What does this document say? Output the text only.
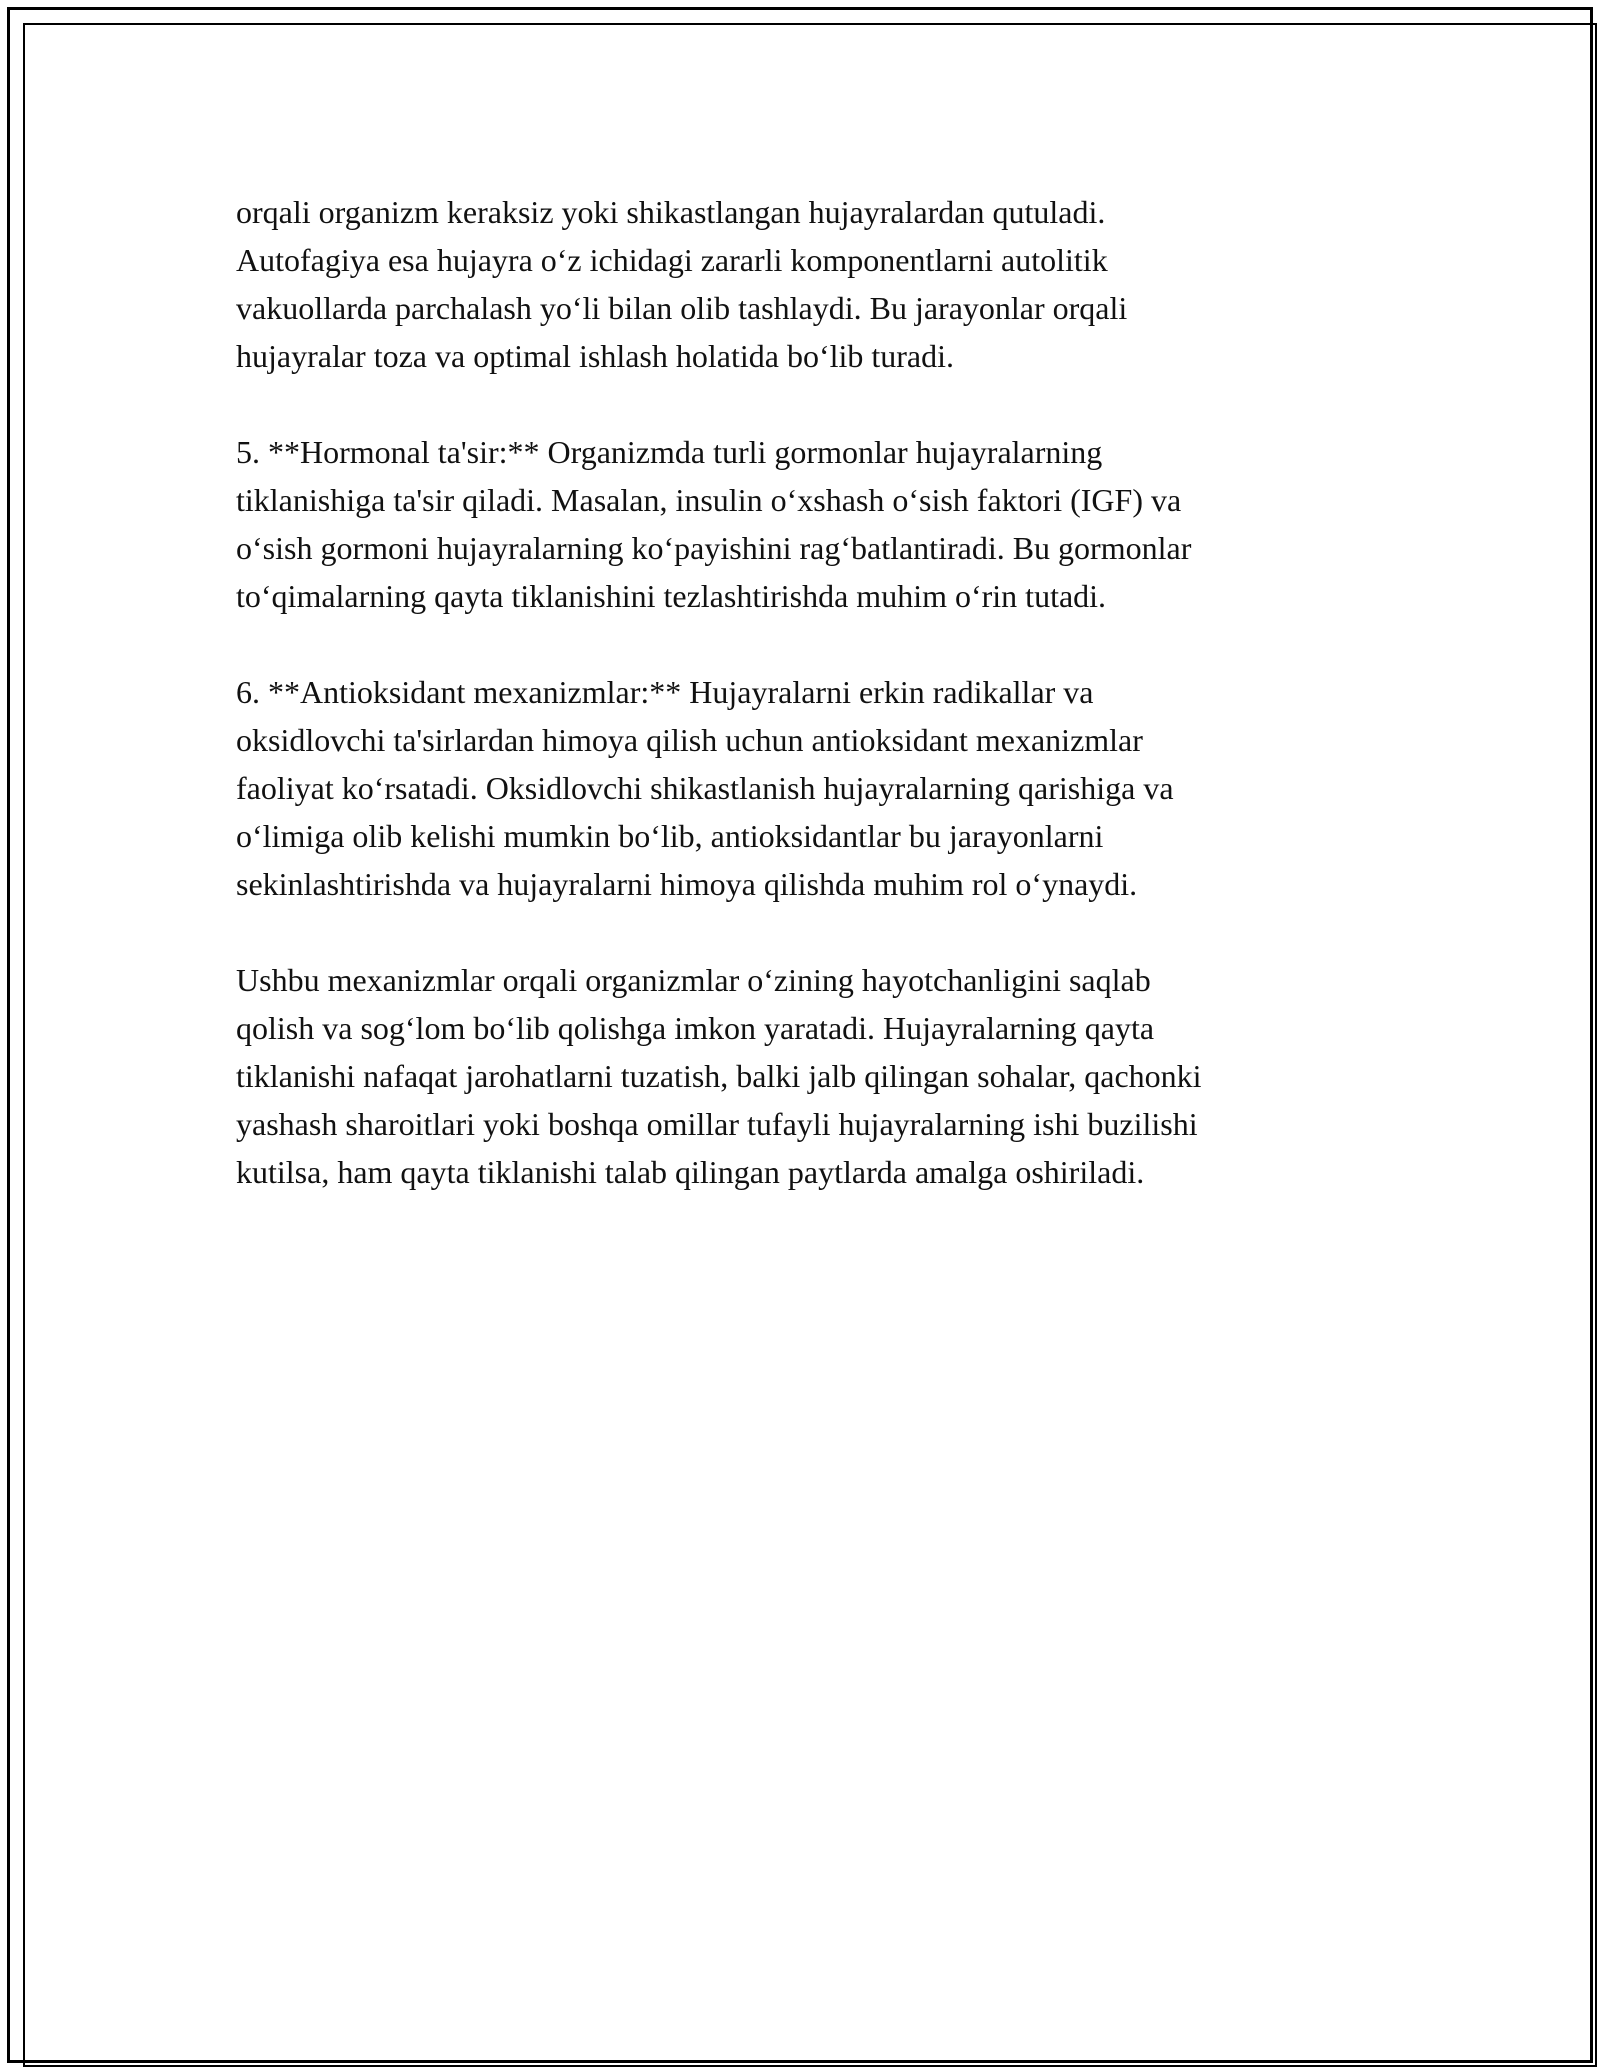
orqali organizm keraksiz yoki shikastlangan hujayralardan qutuladi.
Autofagiya esa hujayra o‘z ichidagi zararli komponentlarni autolitik
vakuollarda parchalash yo‘li bilan olib tashlaydi. Bu jarayonlar orqali
hujayralar toza va optimal ishlash holatida bo‘lib turadi.

5. **Hormonal ta'sir:** Organizmda turli gormonlar hujayralarning
tiklanishiga ta'sir qiladi. Masalan, insulin o‘xshash o‘sish faktori (IGF) va
o‘sish gormoni hujayralarning ko‘payishini rag‘batlantiradi. Bu gormonlar
to‘qimalarning qayta tiklanishini tezlashtirishda muhim o‘rin tutadi.

6. **Antioksidant mexanizmlar:** Hujayralarni erkin radikallar va
oksidlovchi ta'sirlardan himoya qilish uchun antioksidant mexanizmlar
faoliyat ko‘rsatadi. Oksidlovchi shikastlanish hujayralarning qarishiga va
o‘limiga olib kelishi mumkin bo‘lib, antioksidantlar bu jarayonlarni
sekinlashtirishda va hujayralarni himoya qilishda muhim rol o‘ynaydi.

Ushbu mexanizmlar orqali organizmlar o‘zining hayotchanligini saqlab
qolish va sog‘lom bo‘lib qolishga imkon yaratadi. Hujayralarning qayta
tiklanishi nafaqat jarohatlarni tuzatish, balki jalb qilingan sohalar, qachonki
yashash sharoitlari yoki boshqa omillar tufayli hujayralarning ishi buzilishi
kutilsa, ham qayta tiklanishi talab qilingan paytlarda amalga oshiriladi.
